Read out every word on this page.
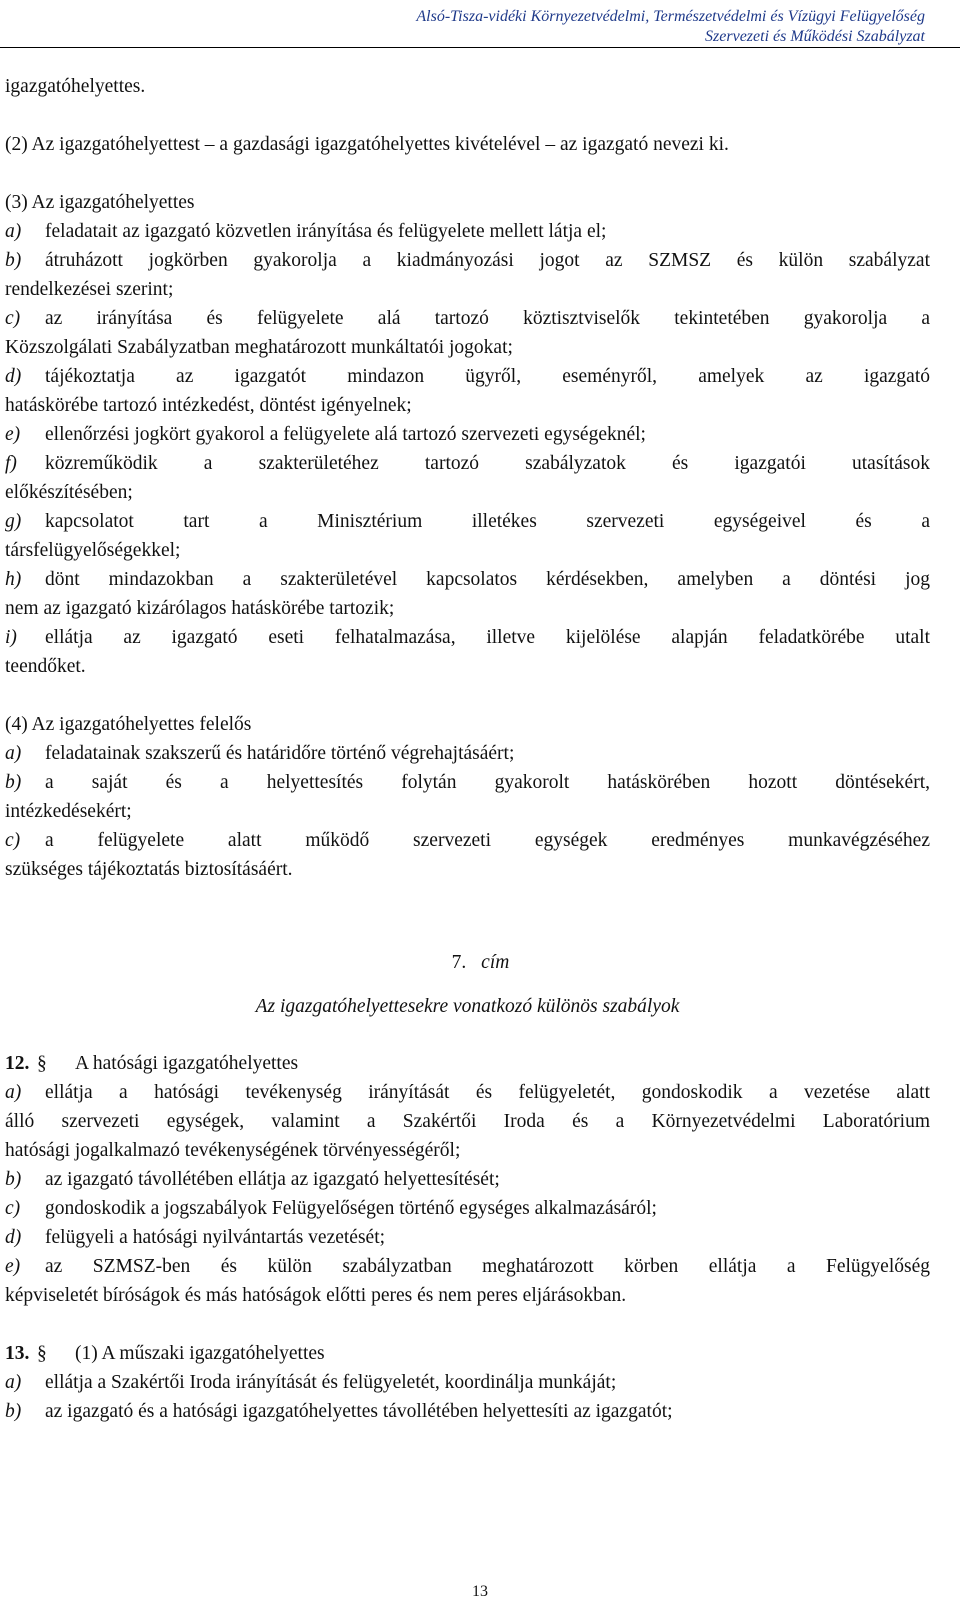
Alsó-Tisza-vidéki Környezetvédelmi, Természetvédelmi és Vízügyi Felügyelőség
Szervezeti és Működési Szabályzat

igazgatóhelyettes.

(2) Az igazgatóhelyettest – a gazdasági igazgatóhelyettes kivételével – az igazgató nevezi ki.

(3) Az igazgatóhelyettes

a) feladatait az igazgató közvetlen irányítása és felügyelete mellett látja el;

b) átruházott jogkörben gyakorolja a kiadmányozási jogot az SZMSZ és külön szabályzat

rendelkezései szerint;

c) az irányítása és felügyelete alá tartozó köztisztviselők tekintetében gyakorolja a

Közszolgálati Szabályzatban meghatározott munkáltatói jogokat;

d) tájékoztatja az igazgatót mindazon ügyről, eseményről, amelyek az igazgató

hatáskörébe tartozó intézkedést, döntést igényelnek;

e) ellenőrzési jogkört gyakorol a felügyelete alá tartozó szervezeti egységeknél;

f) közreműködik a szakterületéhez tartozó szabályzatok és igazgatói utasítások

előkészítésében;

g) kapcsolatot tart a Minisztérium illetékes szervezeti egységeivel és a

társfelügyelőségekkel;

h) dönt mindazokban a szakterületével kapcsolatos kérdésekben, amelyben a döntési jog

nem az igazgató kizárólagos hatáskörébe tartozik;

i) ellátja az igazgató eseti felhatalmazása, illetve kijelölése alapján feladatkörébe utalt

teendőket.

(4) Az igazgatóhelyettes felelős

a) feladatainak szakszerű és határidőre történő végrehajtásáért;

b) a saját és a helyettesítés folytán gyakorolt hatáskörében hozott döntésekért,

intézkedésekért;

c) a felügyelete alatt működő szervezeti egységek eredményes munkavégzéséhez

szükséges tájékoztatás biztosításáért.

7. cím

Az igazgatóhelyettesekre vonatkozó különös szabályok

12. § A hatósági igazgatóhelyettes

a) ellátja a hatósági tevékenység irányítását és felügyeletét, gondoskodik a vezetése alatt

álló szervezeti egységek, valamint a Szakértői Iroda és a Környezetvédelmi Laboratórium

hatósági jogalkalmazó tevékenységének törvényességéről;

b) az igazgató távollétében ellátja az igazgató helyettesítését;

c) gondoskodik a jogszabályok Felügyelőségen történő egységes alkalmazásáról;

d) felügyeli a hatósági nyilvántartás vezetését;

e) az SZMSZ-ben és külön szabályzatban meghatározott körben ellátja a Felügyelőség

képviseletét bíróságok és más hatóságok előtti peres és nem peres eljárásokban.

13. § (1) A műszaki igazgatóhelyettes

a) ellátja a Szakértői Iroda irányítását és felügyeletét, koordinálja munkáját;

b) az igazgató és a hatósági igazgatóhelyettes távollétében helyettesíti az igazgatót;

13
